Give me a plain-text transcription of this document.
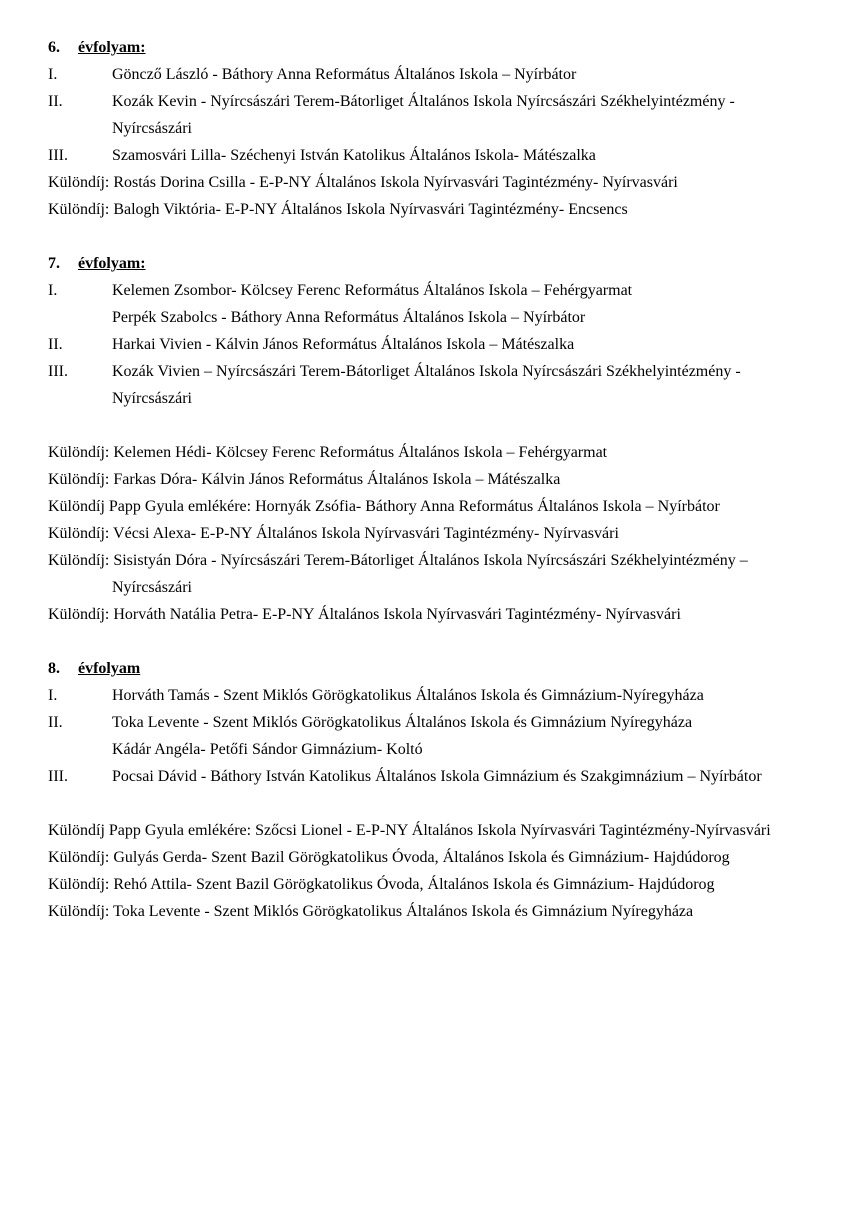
6. évfolyam:
I.	Göncző László - Báthory Anna Református Általános Iskola – Nyírbátor
II.	Kozák Kevin - Nyírcsászári Terem-Bátorliget Általános Iskola Nyírcsászári Székhelyintézmény - Nyírcsászári
III.	Szamosvári Lilla- Széchenyi István Katolikus Általános Iskola- Mátészalka
Különdíj: Rostás Dorina Csilla - E-P-NY Általános Iskola Nyírvasvári Tagintézmény- Nyírvasvári
Különdíj: Balogh Viktória- E-P-NY Általános Iskola Nyírvasvári Tagintézmény- Encsencs
7. évfolyam:
I.	Kelemen Zsombor- Kölcsey Ferenc Református Általános Iskola – Fehérgyarmat
Perpék Szabolcs - Báthory Anna Református Általános Iskola – Nyírbátor
II.	Harkai Vivien - Kálvin János Református Általános Iskola – Mátészalka
III.	Kozák Vivien – Nyírcsászári Terem-Bátorliget Általános Iskola Nyírcsászári Székhelyintézmény - Nyírcsászári
Különdíj: Kelemen Hédi- Kölcsey Ferenc Református Általános Iskola – Fehérgyarmat
Különdíj: Farkas Dóra- Kálvin János Református Általános Iskola – Mátészalka
Különdíj Papp Gyula emlékére: Hornyák Zsófia- Báthory Anna Református Általános Iskola – Nyírbátor
Különdíj: Vécsi Alexa- E-P-NY Általános Iskola Nyírvasvári Tagintézmény- Nyírvasvári
Különdíj: Sisistyán Dóra - Nyírcsászári Terem-Bátorliget Általános Iskola Nyírcsászári Székhelyintézmény – Nyírcsászári
Különdíj: Horváth Natália Petra- E-P-NY Általános Iskola Nyírvasvári Tagintézmény- Nyírvasvári
8. évfolyam
I.	Horváth Tamás - Szent Miklós Görögkatolikus Általános Iskola és Gimnázium-Nyíregyháza
II.	Toka Levente - Szent Miklós Görögkatolikus Általános Iskola és Gimnázium Nyíregyháza
Kádár Angéla- Petőfi Sándor Gimnázium- Koltó
III.	Pocsai Dávid - Báthory István Katolikus Általános Iskola Gimnázium és Szakgimnázium – Nyírbátor
Különdíj Papp Gyula emlékére: Szőcsi Lionel - E-P-NY Általános Iskola Nyírvasvári Tagintézmény-Nyírvasvári
Különdíj: Gulyás Gerda- Szent Bazil Görögkatolikus Óvoda, Általános Iskola és Gimnázium- Hajdúdorog
Különdíj: Rehó Attila- Szent Bazil Görögkatolikus Óvoda, Általános Iskola és Gimnázium- Hajdúdorog
Különdíj: Toka Levente - Szent Miklós Görögkatolikus Általános Iskola és Gimnázium Nyíregyháza
